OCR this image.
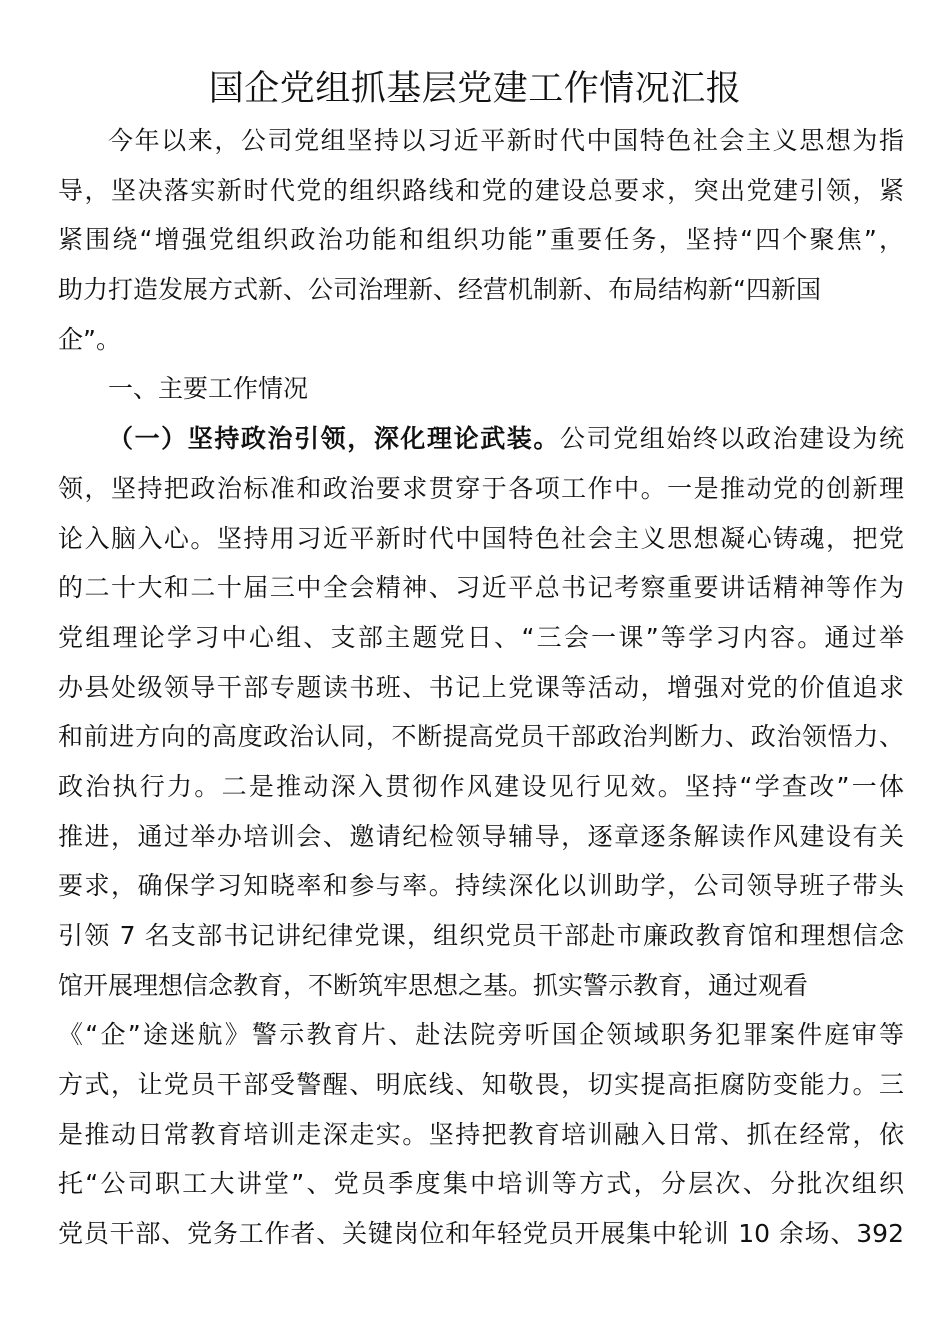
国企党组抓基层党建工作情况汇报
今年以来，公司党组坚持以习近平新时代中国特色社会主义思想为指
导，坚决落实新时代党的组织路线和党的建设总要求，突出党建引领，紧
紧围绕“增强党组织政治功能和组织功能”重要任务，坚持“四个聚焦”，
助力打造发展方式新、公司治理新、经营机制新、布局结构新“四新国
企”。
一、主要工作情况
（一）坚持政治引领，深化理论武装。公司党组始终以政治建设为统
领，坚持把政治标准和政治要求贯穿于各项工作中。一是推动党的创新理
论入脑入心。坚持用习近平新时代中国特色社会主义思想凝心铸魂，把党
的二十大和二十届三中全会精神、习近平总书记考察重要讲话精神等作为
党组理论学习中心组、支部主题党日、“三会一课”等学习内容。通过举
办县处级领导干部专题读书班、书记上党课等活动，增强对党的价值追求
和前进方向的高度政治认同，不断提高党员干部政治判断力、政治领悟力、
政治执行力。二是推动深入贯彻作风建设见行见效。坚持“学查改”一体
推进，通过举办培训会、邀请纪检领导辅导，逐章逐条解读作风建设有关
要求，确保学习知晓率和参与率。持续深化以训助学，公司领导班子带头
引领 7 名支部书记讲纪律党课，组织党员干部赴市廉政教育馆和理想信念
馆开展理想信念教育，不断筑牢思想之基。抓实警示教育，通过观看
《“企”途迷航》警示教育片、赴法院旁听国企领域职务犯罪案件庭审等
方式，让党员干部受警醒、明底线、知敬畏，切实提高拒腐防变能力。三
是推动日常教育培训走深走实。坚持把教育培训融入日常、抓在经常，依
托“公司职工大讲堂”、党员季度集中培训等方式，分层次、分批次组织
党员干部、党务工作者、关键岗位和年轻党员开展集中轮训 10 余场、392
